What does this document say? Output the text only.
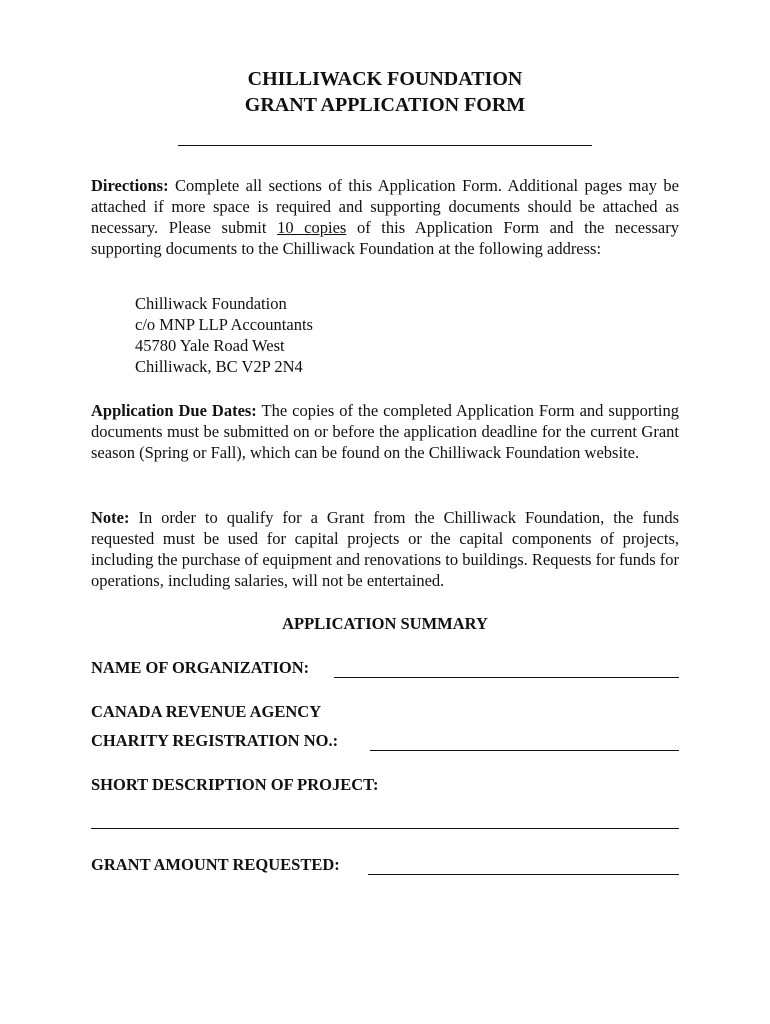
CHILLIWACK FOUNDATION
GRANT APPLICATION FORM

Directions: Complete all sections of this Application Form. Additional pages may be attached if more space is required and supporting documents should be attached as necessary. Please submit 10 copies of this Application Form and the necessary supporting documents to the Chilliwack Foundation at the following address:

Chilliwack Foundation
c/o MNP LLP Accountants
45780 Yale Road West
Chilliwack, BC V2P 2N4

Application Due Dates: The copies of the completed Application Form and supporting documents must be submitted on or before the application deadline for the current Grant season (Spring or Fall), which can be found on the Chilliwack Foundation website.

Note: In order to qualify for a Grant from the Chilliwack Foundation, the funds requested must be used for capital projects or the capital components of projects, including the purchase of equipment and renovations to buildings. Requests for funds for operations, including salaries, will not be entertained.

APPLICATION SUMMARY
NAME OF ORGANIZATION:
CANADA REVENUE AGENCY
CHARITY REGISTRATION NO.:
SHORT DESCRIPTION OF PROJECT:
GRANT AMOUNT REQUESTED:
